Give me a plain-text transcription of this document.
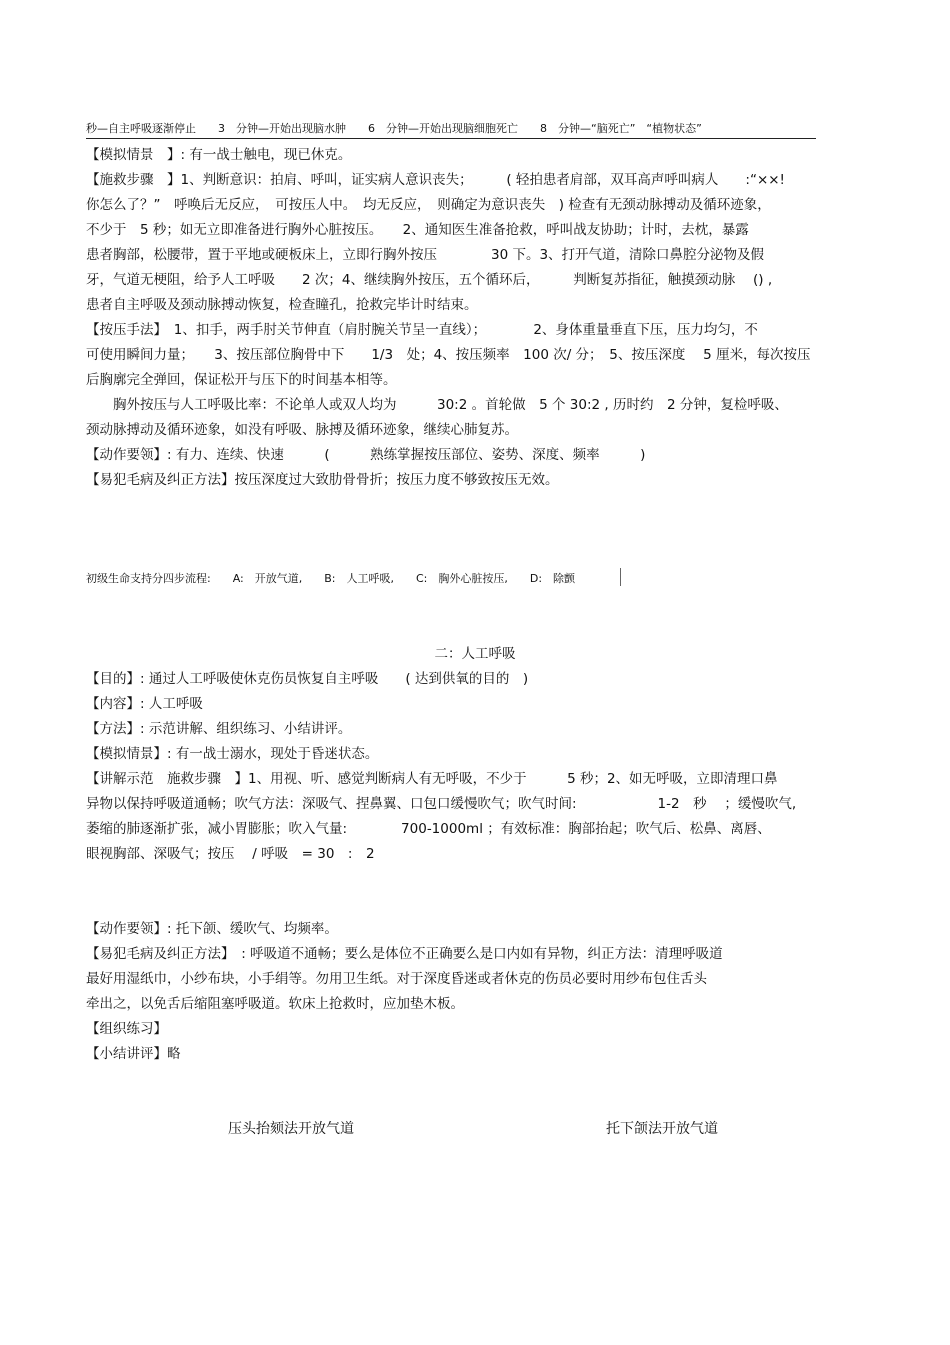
秒—自主呼吸逐渐停止　　3　分钟—开始出现脑水肿　　6　分钟—开始出现脑细胞死亡　　8　分钟—“脑死亡”　“植物状态”
【模拟情景　】: 有一战士触电，现已休克。
【施救步骤　】1、判断意识：拍肩、呼叫，证实病人意识丧失；　　　( 轻拍患者肩部，双耳高声呼叫病人　　:“××!
你怎么了？”　呼唤后无反应，　可按压人中。　均无反应，　则确定为意识丧失　) 检查有无颈动脉搏动及循环迹象，
不少于　5 秒；如无立即准备进行胸外心脏按压。　　2、通知医生准备抢救，呼叫战友协助；计时，去枕，暴露
患者胸部，松腰带，置于平地或硬板床上，立即行胸外按压　　　　30 下。3、打开气道，清除口鼻腔分泌物及假
牙，气道无梗阻，给予人工呼吸　　2 次；4、继续胸外按压，五个循环后，　　　判断复苏指征，触摸颈动脉　 () ,
患者自主呼吸及颈动脉搏动恢复，检查瞳孔，抢救完毕计时结束。
【按压手法】　1、扣手，两手肘关节伸直（肩肘腕关节呈一直线）；　　　　2、身体重量垂直下压，压力均匀，不
可使用瞬间力量；　　3、按压部位胸骨中下　　1/3　处；4、按压频率　100 次/ 分；　5、按压深度　 5 厘米，每次按压
后胸廓完全弹回，保证松开与压下的时间基本相等。
　　胸外按压与人工呼吸比率：不论单人或双人均为　　　30:2 。首轮做　5 个 30:2 , 历时约　2 分钟，复检呼吸、
颈动脉搏动及循环迹象，如没有呼吸、脉搏及循环迹象，继续心肺复苏。
【动作要领】: 有力、连续、快速　　　(　　　熟练掌握按压部位、姿势、深度、频率　　　)
【易犯毛病及纠正方法】按压深度过大致肋骨骨折；按压力度不够致按压无效。
初级生命支持分四步流程:　　A:　开放气道,　　B:　人工呼吸,　　C:　胸外心脏按压,　　D:　除颤
二：人工呼吸
【目的】: 通过人工呼吸使休克伤员恢复自主呼吸　　( 达到供氧的目的　)
【内容】: 人工呼吸
【方法】: 示范讲解、组织练习、小结讲评。
【模拟情景】: 有一战士溺水，现处于昏迷状态。
【讲解示范　施救步骤　】1、用视、听、感觉判断病人有无呼吸，不少于　　　5 秒；2、如无呼吸，立即清理口鼻
异物以保持呼吸道通畅；吹气方法：深吸气、捏鼻翼、口包口缓慢吹气；吹气时间:　　　　　　1-2　秒　 ；缓慢吹气,
萎缩的肺逐渐扩张，减小胃膨胀；吹入气量:　　　　700-1000ml ；有效标准：胸部抬起；吹气后、松鼻、离唇、
眼视胸部、深吸气；按压　 / 呼吸　= 30　:　2
【动作要领】: 托下颌、缓吹气、均频率。
【易犯毛病及纠正方法】　: 呼吸道不通畅；要么是体位不正确要么是口内如有异物，纠正方法：清理呼吸道
最好用湿纸巾，小纱布块，小手绢等。勿用卫生纸。对于深度昏迷或者休克的伤员必要时用纱布包住舌头
牵出之，以免舌后缩阻塞呼吸道。软床上抢救时，应加垫木板。
【组织练习】
【小结讲评】略
压头抬颏法开放气道	托下颌法开放气道
